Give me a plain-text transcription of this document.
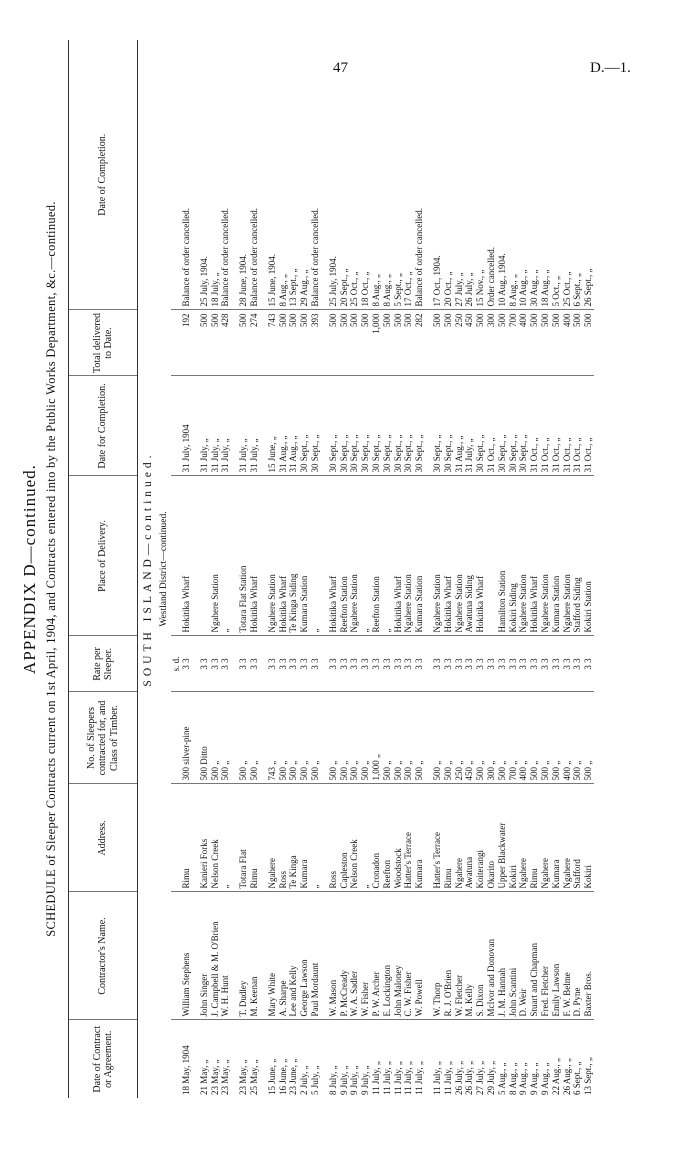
47	D.—1.
APPENDIX D—continued. SCHEDULE of Sleeper Contracts current on 1st April, 1904, and Contracts entered into by the Public Works Department, &c.—continued.
Date of Contract or Agreement.	Contractor's Name.	Address.	No. of Sleepers contracted for, and Class of Timber.	Rate per Sleeper.	Place of Delivery.	Date for Completion.	Total delivered to Date.	Date of Completion.
SOUTH ISLAND—continued.								
Westland District—continued.								
				s. d.				
18 May, 1904	William Stephens	Rimu	300 silver-pine	3 3	Hokitika Wharf	31 July, 1904	192	Balance of order cancelled.

21 May, „	John Singer	Kanieri Forks	500 Ditto	3 3		31 July, „	500	25 July, 1904.
23 May, „	J. Campbell & M. O'Brien	Nelson Creek	500 „	3 3	Ngahere Station	31 July, „	500	18 July, „
23 May, „	W. H. Hunt	„	500 „	3 3	„	31 July, „	428	Balance of order cancelled.

23 May, „	T. Dudley	Totara Flat	500 „	3 3	Totara Flat Station	31 July, „	500	28 June, 1904.
25 May, „	M. Keenan	Rimu	500 „	3 3	Hokitika Wharf	31 July, „	274	Balance of order cancelled.

15 June, „	Mary White	Ngahere	743 „	3 3	Ngahere Station	15 June, „	743	15 June, 1904.
16 June, „	A. Sharpe	Ross	500 „	3 3	Hokitika Wharf	31 Aug., „	500	8 Aug., „
23 June, „	Lee and Kelly	Te Kinga	500 „	3 3	Te Kinga Siding	31 Aug., „	500	13 Sept., „
2 July, „	George Lawson	Kumara	500 „	3 3	Kumara Station	30 Sept., „	500	29 Aug., „
5 July, „	Paul Mordaunt	„	500 „	3 3	„	30 Sept., „	393	Balance of order cancelled.

8 July, „	W. Mason	Ross	500 „	3 3	Hokitika Wharf	30 Sept., „	500	25 July, 1904.
9 July, „	P. McCready	Capleston	500 „	3 3	Reefton Station	30 Sept., „	500	20 Sept., „
9 July, „	W. A. Sadler	Nelson Creek	500 „	3 3	Ngahere Station	30 Sept., „	500	25 Oct., „
9 July, „	W. Fisher	„	500 „	3 3	„	30 Sept., „	500	18 Oct., „
11 July, „	P. W. Archer	Cronadon	1,000 „	3 3	Reefton Station	30 Sept., „	1,000	8 Aug., „
11 July, „	E. Lockington	Reefton	500 „	3 3	„	30 Sept., „	500	8 Aug., „
11 July, „	John Maloney	Woodstock	500 „	3 3	Hokitika Wharf	30 Sept., „	500	5 Sept., „
11 July, „	C. W. Fisher	Hatter's Terrace	500 „	3 3	Ngahere Station	30 Sept., „	500	17 Oct., „
11 July, „	W. Powell	Kumara	500 „	3 3	Kumara Station	30 Sept., „	282	Balance of order cancelled.

11 July, „	W. Thorp	Hatter's Terrace	500 „	3 3	Ngahere Station	30 Sept., „	500	17 Oct., 1904.
11 July, „	R. J. O'Brien	Rimu	500 „	3 3	Hokitika Wharf	30 Sept., „	500	20 Oct., „
26 July, „	W. Fletcher	Ngahere	250 „	3 3	Ngahere Station	31 Aug., „	250	27 July, „
26 July, „	M. Kelly	Awatuna	450 „	3 3	Awatuna Siding	31 July, „	450	26 July, „
27 July, „	S. Dixon	Koiterangi	500 „	3 3	Hokitika Wharf	30 Sept., „	500	15 Nov., „
29 July, „	McIvor and Donovan	Okarito	300 „	3 3		31 Oct., „	300	Order cancelled.
5 Aug., „	J. M. Hannah	Upper Blackwater	500 „	3 3	Hamilton Station	30 Sept., „	500	10 Aug., 1904.
8 Aug., „	John Scantini	Kokiri	700 „	3 3	Kokiri Siding	30 Sept., „	700	8 Aug., „
9 Aug., „	D. Weir	Ngahere	400 „	3 3	Ngahere Station	30 Sept., „	400	10 Aug., „
9 Aug., „	Stuart and Chapman	Rimu	500 „	3 3	Hokitika Wharf	31 Oct., „	500	30 Aug., „
9 Aug., „	Fred. Fletcher	Ngahere	500 „	3 3	Ngahere Station	31 Oct., „	500	18 Aug., „
22 Aug., „	Emily Lawson	Kumara	500 „	3 3	Kumara Station	31 Oct., „	500	5 Oct., „
26 Aug., „	F. W. Belme	Ngahere	400 „	3 3	Ngahere Station	31 Oct., „	400	25 Oct., „
6 Sept., „	D. Pyne	Stafford	500 „	3 3	Stafford Siding	31 Oct., „	500	6 Sept., „
13 Sept., „	Baxter Bros.	Kokiri	500 „	3 3	Kokiri Station	31 Oct., „	500	26 Sept., „
